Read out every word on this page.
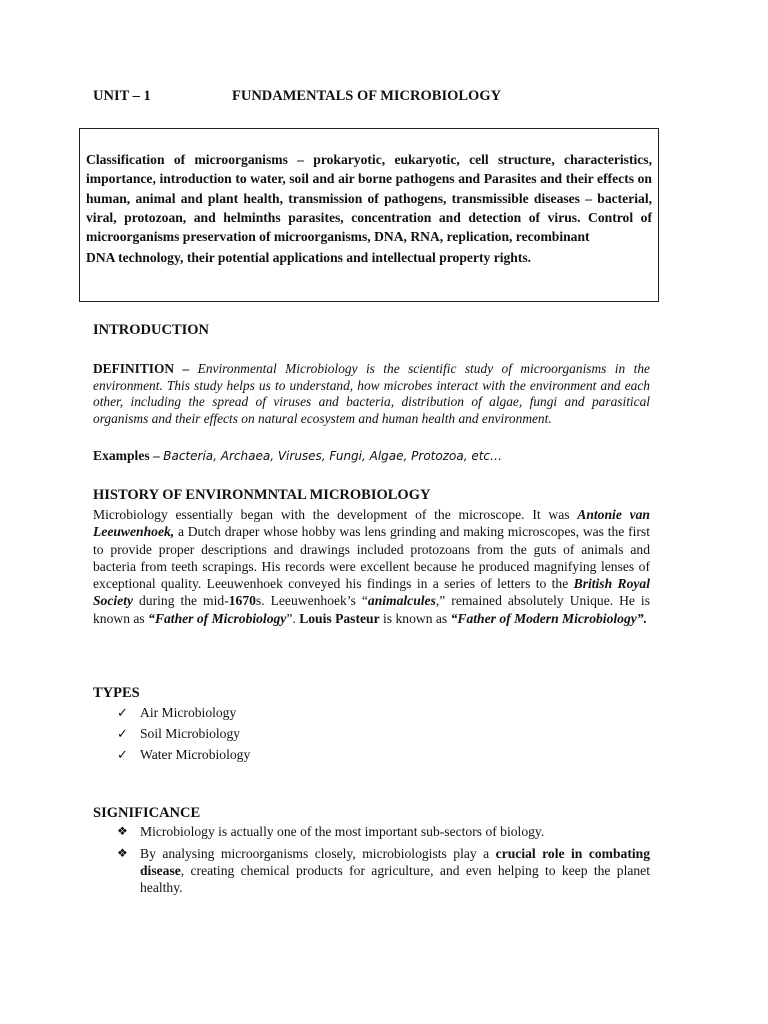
UNIT – 1	FUNDAMENTALS OF MICROBIOLOGY

Classification of microorganisms – prokaryotic, eukaryotic, cell structure, characteristics, importance, introduction to water, soil and air borne pathogens and Parasites and their effects on human, animal and plant health, transmission of pathogens, transmissible diseases – bacterial, viral, protozoan, and helminths parasites, concentration and detection of virus. Control of microorganisms preservation of microorganisms, DNA, RNA, replication, recombinant

DNA technology, their potential applications and intellectual property rights.

INTRODUCTION
DEFINITION – Environmental Microbiology is the scientific study of microorganisms in the environment. This study helps us to understand, how microbes interact with the environment and each other, including the spread of viruses and bacteria, distribution of algae, fungi and parasitical organisms and their effects on natural ecosystem and human health and environment.
Examples – Bacteria, Archaea, Viruses, Fungi, Algae, Protozoa, etc…
HISTORY OF ENVIRONMNTAL MICROBIOLOGY
Microbiology essentially began with the development of the microscope. It was Antonie van Leeuwenhoek, a Dutch draper whose hobby was lens grinding and making microscopes, was the first to provide proper descriptions and drawings included protozoans from the guts of animals and bacteria from teeth scrapings. His records were excellent because he produced magnifying lenses of exceptional quality. Leeuwenhoek conveyed his findings in a series of letters to the British Royal Society during the mid-1670s. Leeuwenhoek’s “animalcules,” remained absolutely Unique. He is known as “Father of Microbiology”. Louis Pasteur is known as “Father of Modern Microbiology”.
TYPES
✓ Air Microbiology
✓ Soil Microbiology
✓ Water Microbiology
SIGNIFICANCE
❖ Microbiology is actually one of the most important sub-sectors of biology.
❖ By analysing microorganisms closely, microbiologists play a crucial role in combating disease, creating chemical products for agriculture, and even helping to keep the planet healthy.
